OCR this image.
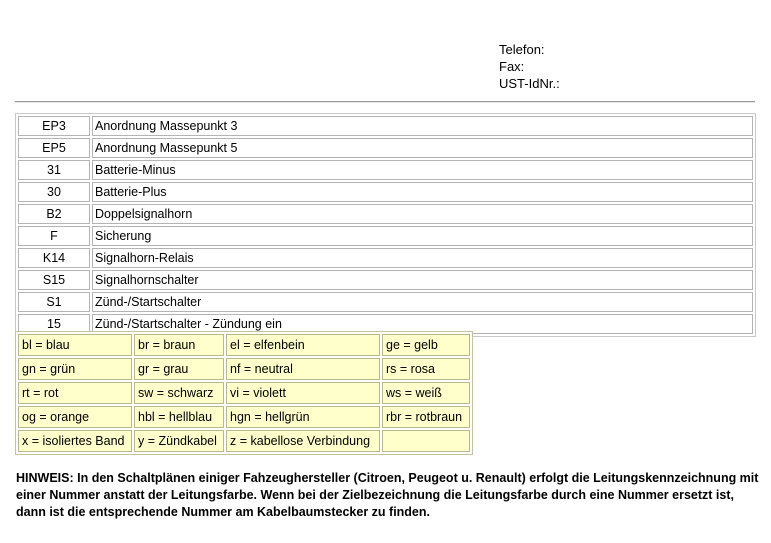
Telefon:
Fax:
UST-IdNr.:
EP3	Anordnung Massepunkt 3
EP5	Anordnung Massepunkt 5
31	Batterie-Minus
30	Batterie-Plus
B2	Doppelsignalhorn
F	Sicherung
K14	Signalhorn-Relais
S15	Signalhornschalter
S1	Zünd-/Startschalter
15	Zünd-/Startschalter - Zündung ein
bl = blau	br = braun	el = elfenbein	ge = gelb
gn = grün	gr = grau	nf = neutral	rs = rosa
rt = rot	sw = schwarz	vi = violett	ws = weiß
og = orange	hbl = hellblau	hgn = hellgrün	rbr = rotbraun
x = isoliertes Band	y = Zündkabel	z = kabellose Verbindung	
HINWEIS: In den Schaltplänen einiger Fahzeughersteller (Citroen, Peugeot u. Renault) erfolgt die Leitungskennzeichnung mit einer Nummer anstatt der Leitungsfarbe. Wenn bei der Zielbezeichnung die Leitungsfarbe durch eine Nummer ersetzt ist, dann ist die entsprechende Nummer am Kabelbaumstecker zu finden.
